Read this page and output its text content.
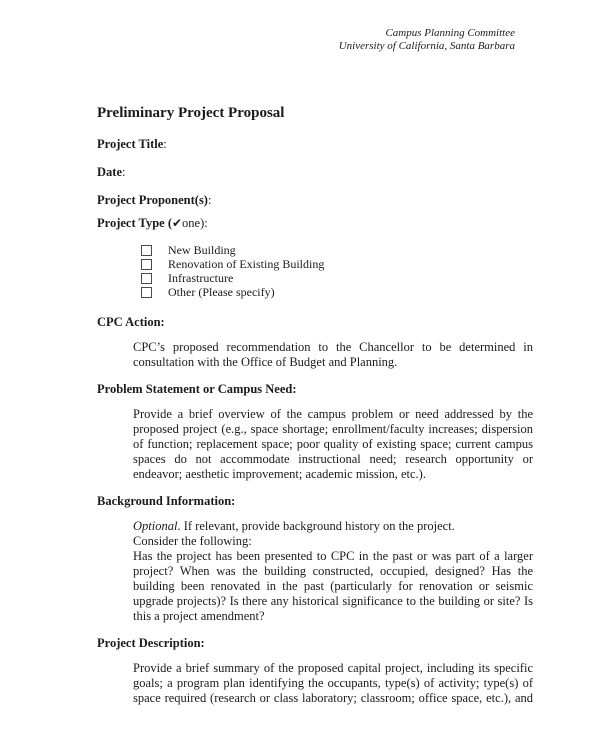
Campus Planning Committee
University of California, Santa Barbara
Preliminary Project Proposal
Project Title:
Date:
Project Proponent(s):
Project Type (✔one):
New Building
Renovation of Existing Building
Infrastructure
Other (Please specify)
CPC Action:
CPC’s proposed recommendation to the Chancellor to be determined in consultation with the Office of Budget and Planning.
Problem Statement or Campus Need:
Provide a brief overview of the campus problem or need addressed by the proposed project (e.g., space shortage; enrollment/faculty increases; dispersion of function; replacement space; poor quality of existing space; current campus spaces do not accommodate instructional need; research opportunity or endeavor; aesthetic improvement; academic mission, etc.).
Background Information:
Optional. If relevant, provide background history on the project.
Consider the following:
Has the project has been presented to CPC in the past or was part of a larger project? When was the building constructed, occupied, designed? Has the building been renovated in the past (particularly for renovation or seismic upgrade projects)? Is there any historical significance to the building or site? Is this a project amendment?
Project Description:
Provide a brief summary of the proposed capital project, including its specific goals; a program plan identifying the occupants, type(s) of activity; type(s) of space required (research or class laboratory; classroom; office space, etc.), and
